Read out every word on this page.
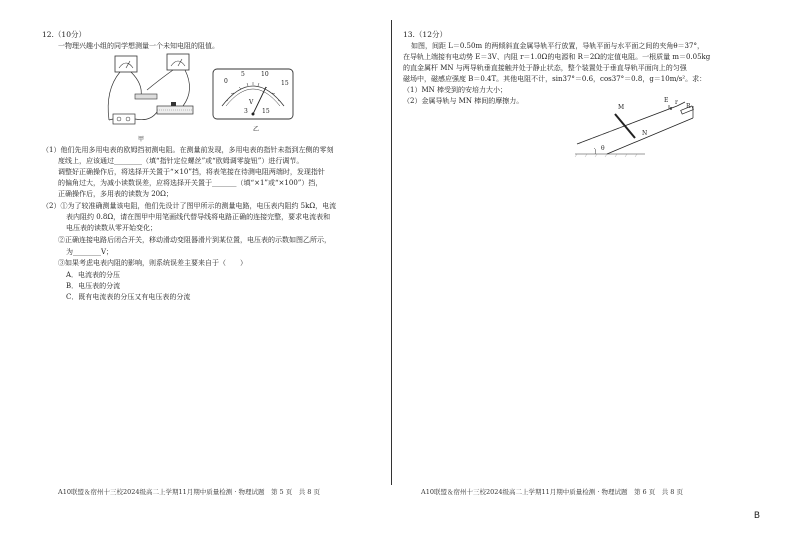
12.（10分）
一物理兴趣小组的同学想测量一个未知电阻的阻值。
甲
0
5	10
15
V
3 15
乙
（1）他们先用多用电表的欧姆挡初测电阻。在测量前发现，多用电表的指针未指到左侧的零刻
度线上，应该通过________（填“指针定位螺丝”或“欧姆调零旋钮”）进行调节。
调整好正确操作后，将选择开关置于“×10”挡，将表笔接在待测电阻两端时，发现指针
的偏角过大，为减小读数误差，应将选择开关置于_______（填“×1”或“×100”）挡，
正确操作后，多用表的读数为 20Ω；
（2）①为了较准确测量该电阻，他们先设计了图甲所示的测量电路，电压表内阻约 5kΩ，电流
表内阻约 0.8Ω，请在图甲中用笔画线代替导线将电路正确的连接完整，要求电流表和
电压表的读数从零开始变化；
②正确连接电路后闭合开关，移动滑动变阻器滑片到某位置，电压表的示数如图乙所示，
为________V；
③如果考虑电表内阻的影响，则系统误差主要来自于（　　）
A．电流表的分压
B．电压表的分流
C．既有电流表的分压又有电压表的分流
A10联盟＆宿州十三校2024级高二上学期11月期中质量检测 · 物理试题　第 5 页　共 8 页
13.（12分）
如图，间距 L＝0.50m 的两倾斜直金属导轨平行放置，导轨平面与水平面之间的夹角θ＝37°，
在导轨上端接有电动势 E＝3V、内阻 r＝1.0Ω的电源和 R＝2Ω的定值电阻。一根质量 m＝0.05kg
的直金属杆 MN 与两导轨垂直接触并处于静止状态，整个装置处于垂直导轨平面向上的匀强
磁场中，磁感应强度 B＝0.4T。其他电阻不计，sin37°＝0.6，cos37°＝0.8，g＝10m/s²。求：
（1）MN 棒受到的安培力大小；
（2）金属导轨与 MN 棒间的摩擦力。
M
N
E r
R
θ
A10联盟＆宿州十三校2024级高二上学期11月期中质量检测 · 物理试题　第 6 页　共 8 页
B
